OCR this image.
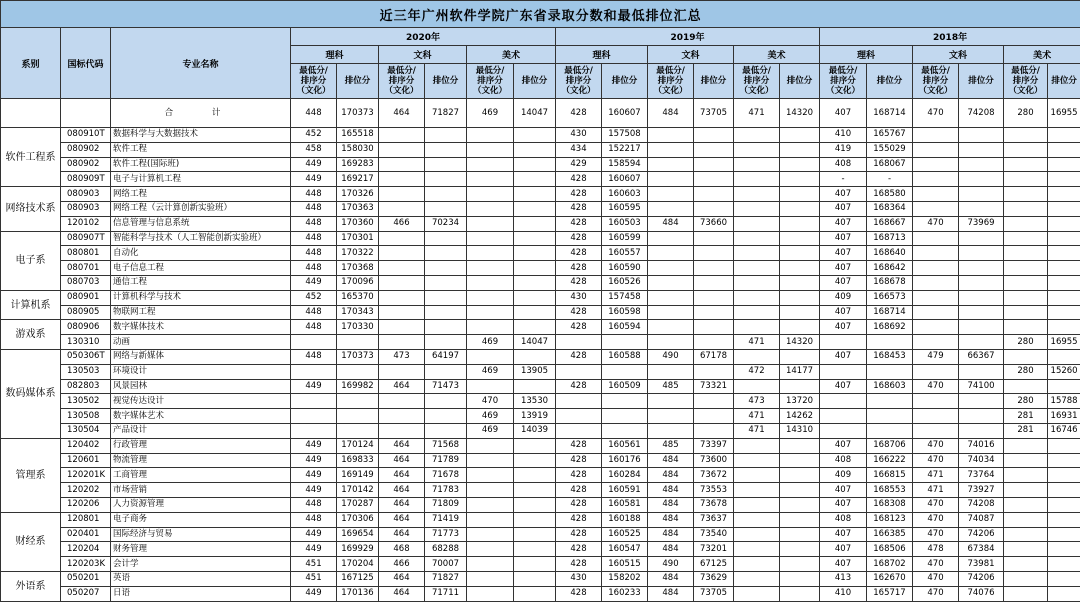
近三年广州软件学院广东省录取分数和最低排位汇总																				
系别	国标代码	专业名称	2020年						2019年						2018年					
			理科		文科		美术		理科		文科		美术		理科		文科		美术	
			最低分/
排序分
（文化）	排位分	最低分/
排序分
（文化）	排位分	最低分/
排序分
（文化）	排位分	最低分/
排序分
（文化）	排位分	最低分/
排序分
（文化）	排位分	最低分/
排序分
（文化）	排位分	最低分/
排序分
（文化）	排位分	最低分/
排序分
（文化）	排位分	最低分/
排序分
（文化）	排位分
		合 计	448	170373	464	71827	469	14047	428	160607	484	73705	471	14320	407	168714	470	74208	280	16955
软件工程系	080910T	数据科学与大数据技术	452	165518					430	157508					410	165767				
	080902	软件工程	458	158030					434	152217					419	155029				
	080902	软件工程(国际班)	449	169283					429	158594					408	168067				
	080909T	电子与计算机工程	449	169217					428	160607					-	-				
网络技术系	080903	网络工程	448	170326					428	160603					407	168580				
	080903	网络工程（云计算创新实验班）	448	170363					428	160595					407	168364				
	120102	信息管理与信息系统	448	170360	466	70234			428	160503	484	73660			407	168667	470	73969		
电子系	080907T	智能科学与技术（人工智能创新实验班）	448	170301					428	160599					407	168713				
	080801	自动化	448	170322					428	160557					407	168640				
	080701	电子信息工程	448	170368					428	160590					407	168642				
	080703	通信工程	449	170096					428	160526					407	168678				
计算机系	080901	计算机科学与技术	452	165370					430	157458					409	166573				
	080905	物联网工程	448	170343					428	160598					407	168714				
游戏系	080906	数字媒体技术	448	170330					428	160594					407	168692				
	130310	动画					469	14047					471	14320					280	16955
数码媒体系	050306T	网络与新媒体	448	170373	473	64197			428	160588	490	67178			407	168453	479	66367		
	130503	环境设计					469	13905					472	14177					280	15260
	082803	风景园林	449	169982	464	71473			428	160509	485	73321			407	168603	470	74100		
	130502	视觉传达设计					470	13530					473	13720					280	15788
	130508	数字媒体艺术					469	13919					471	14262					281	16931
	130504	产品设计					469	14039					471	14310					281	16746
管理系	120402	行政管理	449	170124	464	71568			428	160561	485	73397			407	168706	470	74016		
	120601	物流管理	449	169833	464	71789			428	160176	484	73600			408	166222	470	74034		
	120201K	工商管理	449	169149	464	71678			428	160284	484	73672			409	166815	471	73764		
	120202	市场营销	449	170142	464	71783			428	160591	484	73553			407	168553	471	73927		
	120206	人力资源管理	448	170287	464	71809			428	160581	484	73678			407	168308	470	74208		
财经系	120801	电子商务	448	170306	464	71419			428	160188	484	73637			408	168123	470	74087		
	020401	国际经济与贸易	449	169654	464	71773			428	160525	484	73540			407	166385	470	74206		
	120204	财务管理	449	169929	468	68288			428	160547	484	73201			407	168506	478	67384		
	120203K	会计学	451	170204	466	70007			428	160515	490	67125			407	168702	470	73981		
外语系	050201	英语	451	167125	464	71827			430	158202	484	73629			413	162670	470	74206		
	050207	日语	449	170136	464	71711			428	160233	484	73705			410	165717	470	74076		
